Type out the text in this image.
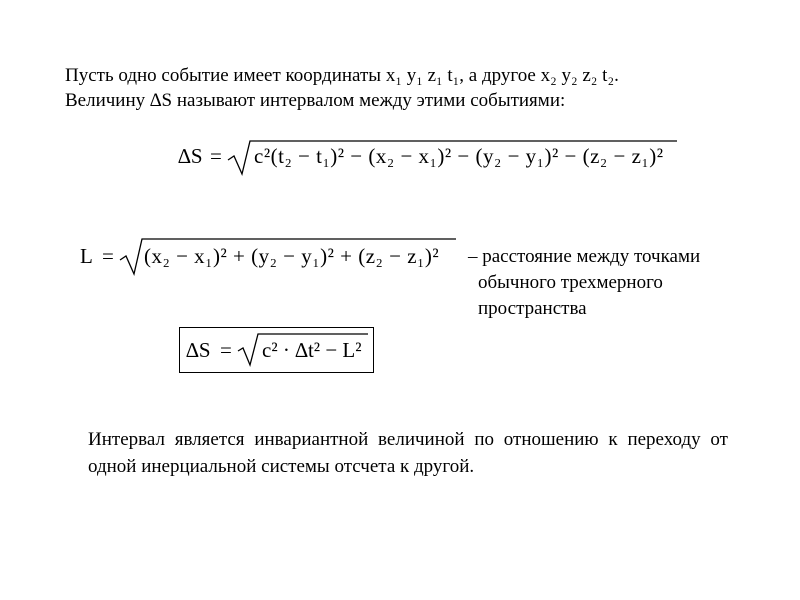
Пусть одно событие имеет координаты x₁ y₁ z₁ t₁, а другое x₂ y₂ z₂ t₂.
Величину ∆S называют интервалом между этими событиями:
∆S = c²(t₂ − t₁)² − (x₂ − x₁)² − (y₂ − y₁)² − (z₂ − z₁)²
L = (x₂ − x₁)² + (y₂ − y₁)² + (z₂ − z₁)² – расстояние между точками
обычного трехмерного
пространства
∆S = c² · ∆t² − L²
Интервал является инвариантной величиной по отношению к переходу от одной инерциальной системы отсчета к другой.
